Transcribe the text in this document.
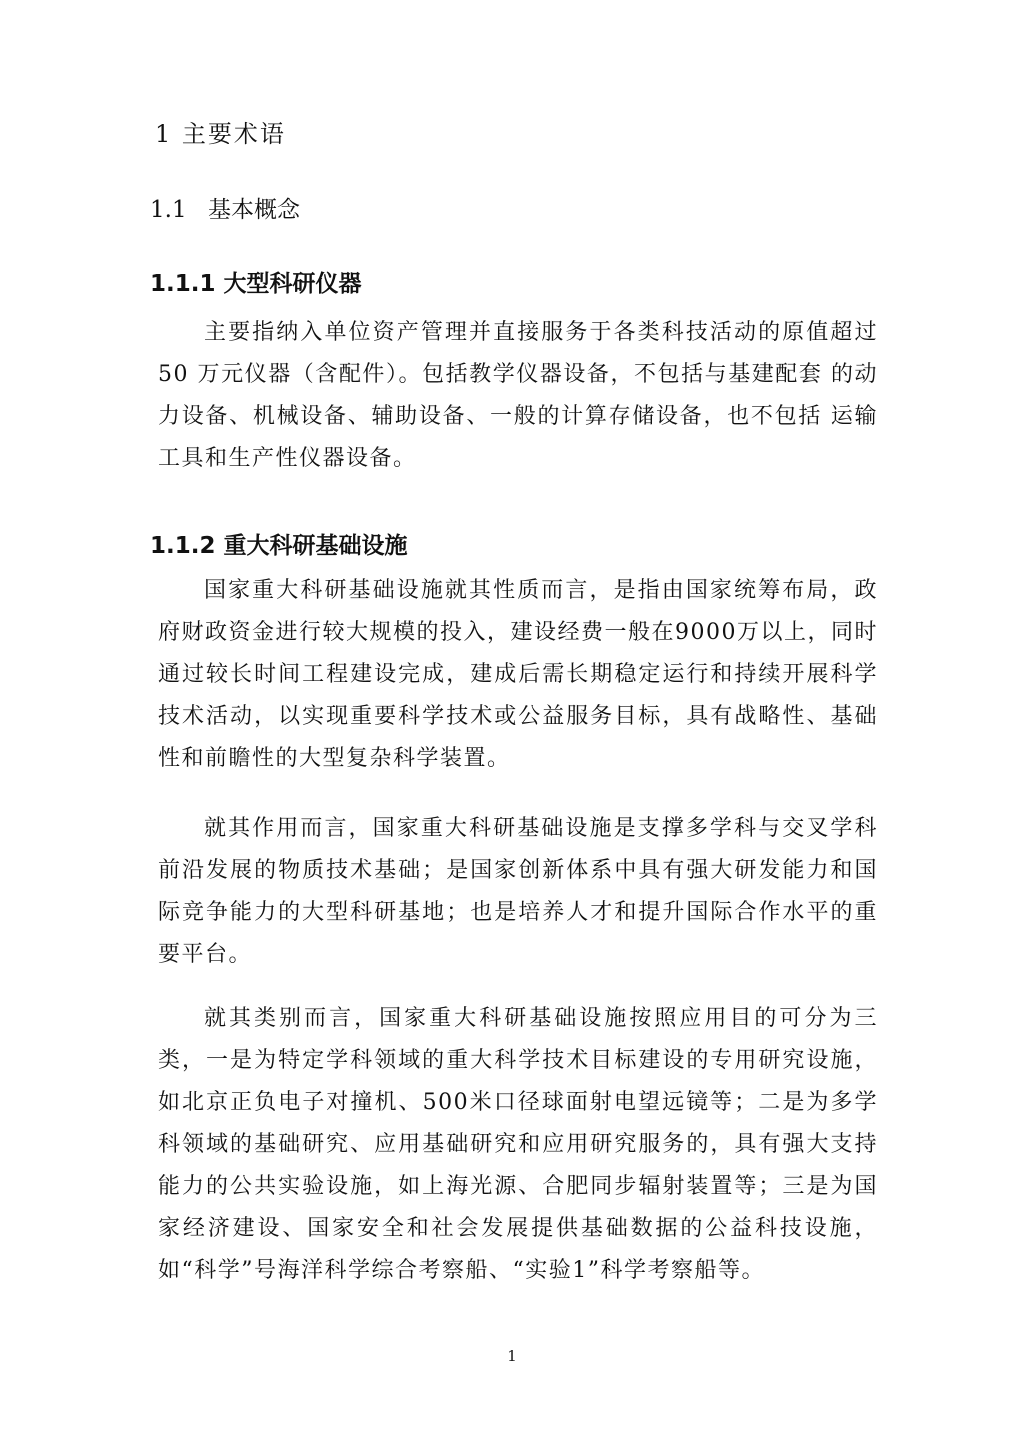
1 主要术语
1.1 基本概念
1.1.1 大型科研仪器

主要指纳入单位资产管理并直接服务于各类科技活动的原值超过 50 万元仪器（含配件）。包括教学仪器设备，不包括与基建配套 的动力设备、机械设备、辅助设备、一般的计算存储设备，也不包括 运输工具和生产性仪器设备。

1.1.2 重大科研基础设施

国家重大科研基础设施就其性质而言，是指由国家统筹布局，政 府财政资金进行较大规模的投入，建设经费一般在9000万以上，同时通过较长时间工程建设完成，建成后需长期稳定运行和持续开展科学技术活动，以实现重要科学技术或公益服务目标，具有战略性、基础性和前瞻性的大型复杂科学装置。

就其作用而言，国家重大科研基础设施是支撑多学科与交叉学科前沿发展的物质技术基础；是国家创新体系中具有强大研发能力和国际竞争能力的大型科研基地；也是培养人才和提升国际合作水平的重要平台。

就其类别而言，国家重大科研基础设施按照应用目的可分为三类，一是为特定学科领域的重大科学技术目标建设的专用研究设施，如北京正负电子对撞机、500米口径球面射电望远镜等；二是为多学科领域的基础研究、应用基础研究和应用研究服务的，具有强大支持能力的公共实验设施，如上海光源、合肥同步辐射装置等；三是为国家经济建设、国家安全和社会发展提供基础数据的公益科技设施，如“科学”号海洋科学综合考察船、“实验1”科学考察船等。

1
